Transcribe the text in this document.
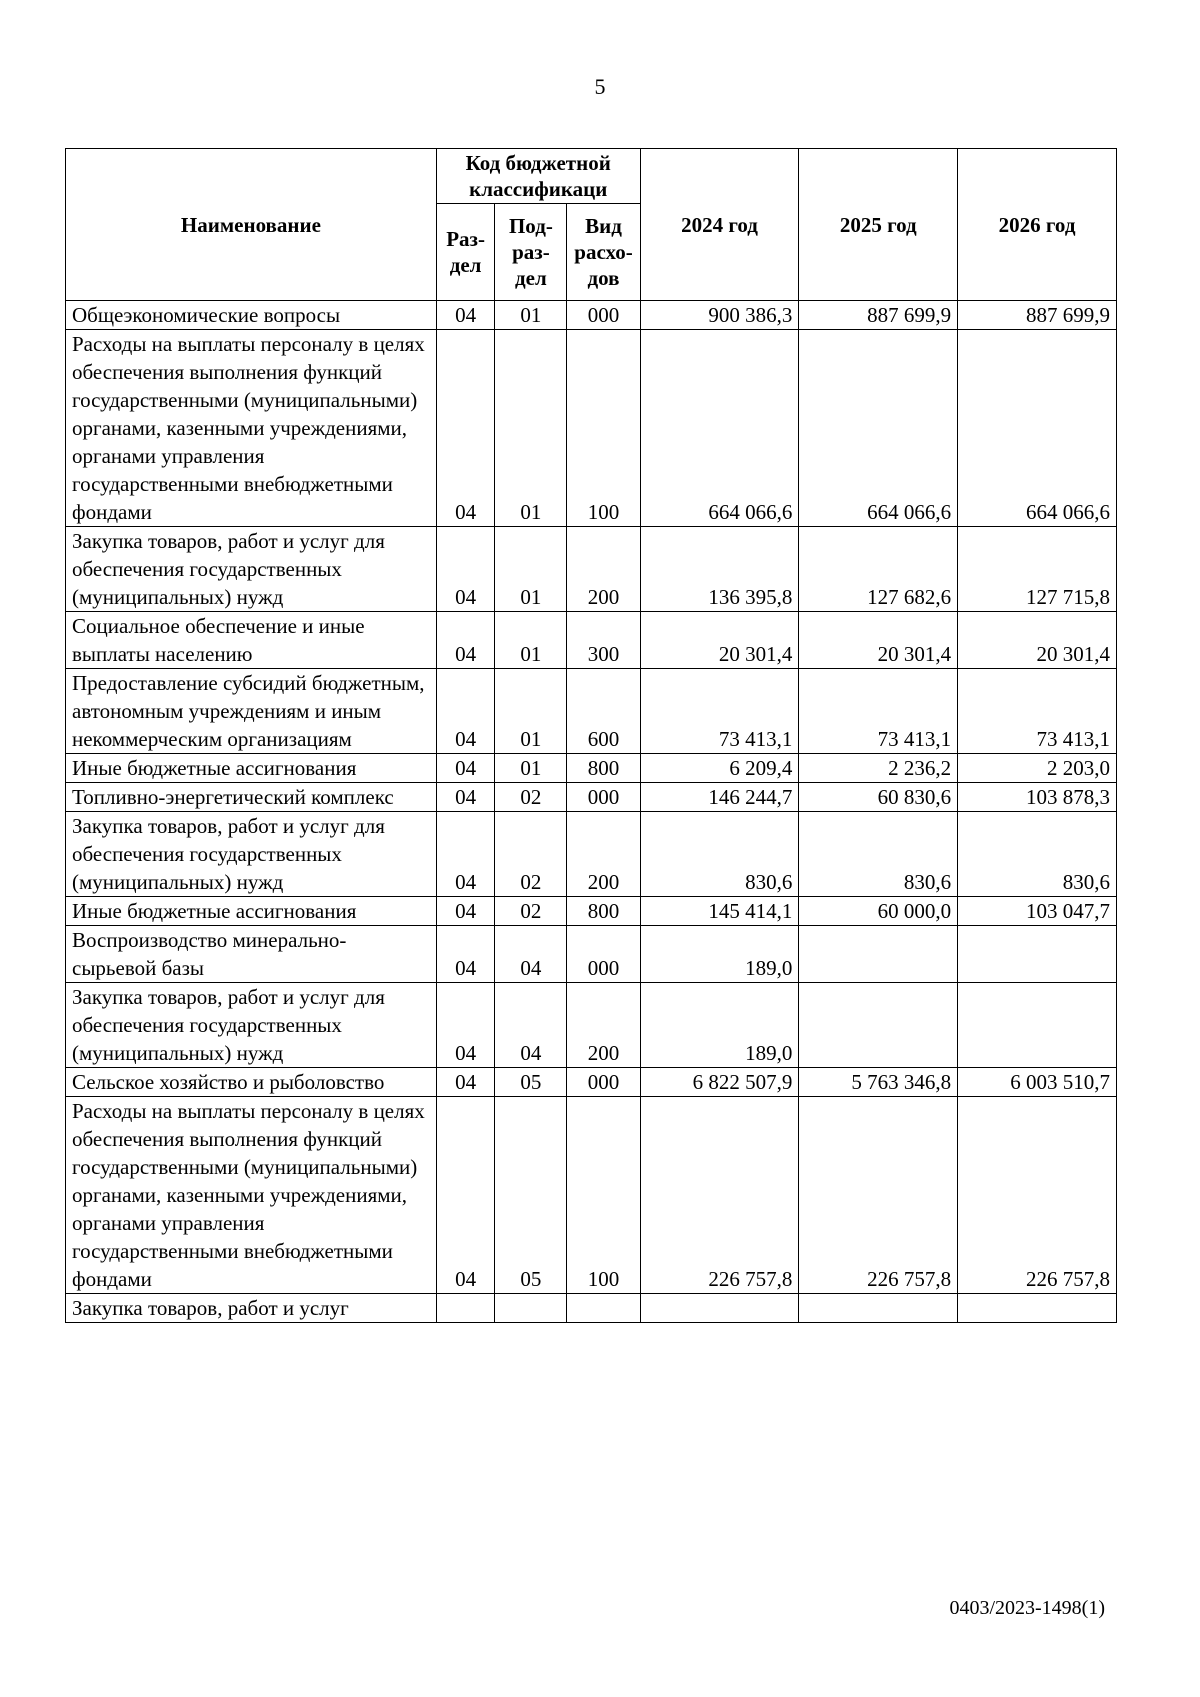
5
Наименование	Код бюджетной классификаци			2024 год	2025 год	2026 год
	Раз- дел	Под- раз- дел	Вид расхо- дов			
Общеэкономические вопросы	04	01	000	900 386,3	887 699,9	887 699,9
Расходы на выплаты персоналу в целях обеспечения выполнения функций государственными (муниципальными) органами, казенными учреждениями, органами управления государственными внебюджетными фондами	04	01	100	664 066,6	664 066,6	664 066,6
Закупка товаров, работ и услуг для обеспечения государственных (муниципальных) нужд	04	01	200	136 395,8	127 682,6	127 715,8
Социальное обеспечение и иные выплаты населению	04	01	300	20 301,4	20 301,4	20 301,4
Предоставление субсидий бюджетным, автономным учреждениям и иным некоммерческим организациям	04	01	600	73 413,1	73 413,1	73 413,1
Иные бюджетные ассигнования	04	01	800	6 209,4	2 236,2	2 203,0
Топливно-энергетический комплекс	04	02	000	146 244,7	60 830,6	103 878,3
Закупка товаров, работ и услуг для обеспечения государственных (муниципальных) нужд	04	02	200	830,6	830,6	830,6
Иные бюджетные ассигнования	04	02	800	145 414,1	60 000,0	103 047,7
Воспроизводство минерально-сырьевой базы	04	04	000	189,0		
Закупка товаров, работ и услуг для обеспечения государственных (муниципальных) нужд	04	04	200	189,0		
Сельское хозяйство и рыболовство	04	05	000	6 822 507,9	5 763 346,8	6 003 510,7
Расходы на выплаты персоналу в целях обеспечения выполнения функций государственными (муниципальными) органами, казенными учреждениями, органами управления государственными внебюджетными фондами	04	05	100	226 757,8	226 757,8	226 757,8
Закупка товаров, работ и услуг						
0403/2023-1498(1)
